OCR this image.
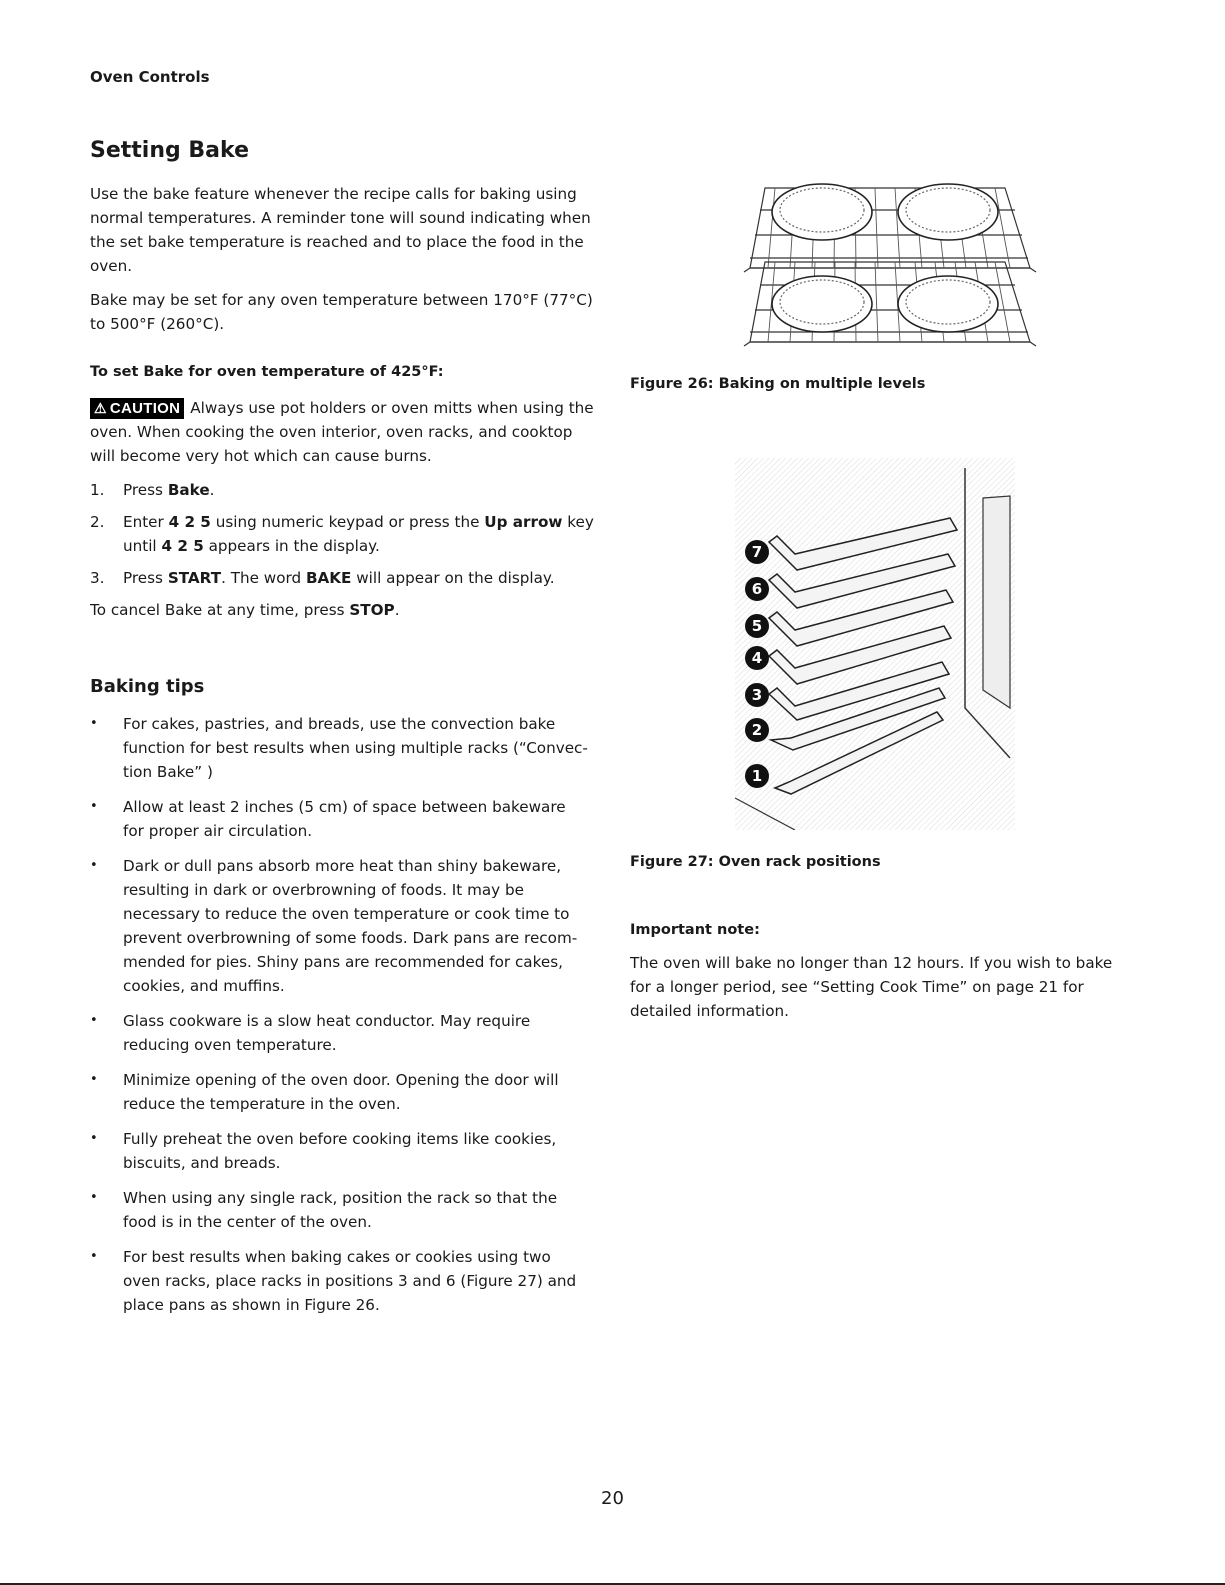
Oven Controls
Setting Bake

Use the bake feature whenever the recipe calls for baking using normal temperatures. A reminder tone will sound indicating when the set bake temperature is reached and to place the food in the oven.

Bake may be set for any oven temperature between 170°F (77°C) to 500°F (260°C).

To set Bake for oven temperature of 425°F:

⚠ CAUTION Always use pot holders or oven mitts when using the oven. When cooking the oven interior, oven racks, and cooktop will become very hot which can cause burns.

1. Press Bake.
2. Enter 4 2 5 using numeric keypad or press the Up arrow key until 4 2 5 appears in the display.
3. Press START. The word BAKE will appear on the display.

To cancel Bake at any time, press STOP.

Baking tips
• For cakes, pastries, and breads, use the convection bake function for best results when using multiple racks (“Convec- tion Bake” )
• Allow at least 2 inches (5 cm) of space between bakeware for proper air circulation.
• Dark or dull pans absorb more heat than shiny bakeware, resulting in dark or overbrowning of foods. It may be necessary to reduce the oven temperature or cook time to prevent overbrowning of some foods. Dark pans are recom- mended for pies. Shiny pans are recommended for cakes, cookies, and muffins.
• Glass cookware is a slow heat conductor. May require reducing oven temperature.
• Minimize opening of the oven door. Opening the door will reduce the temperature in the oven.
• Fully preheat the oven before cooking items like cookies, biscuits, and breads.
• When using any single rack, position the rack so that the food is in the center of the oven.
• For best results when baking cakes or cookies using two oven racks, place racks in positions 3 and 6 (Figure 27) and place pans as shown in Figure 26.
Figure 26: Baking on multiple levels
7
6
5
4
3
2
1
Figure 27: Oven rack positions
Important note:

The oven will bake no longer than 12 hours. If you wish to bake for a longer period, see “Setting Cook Time” on page 21 for detailed information.

20
